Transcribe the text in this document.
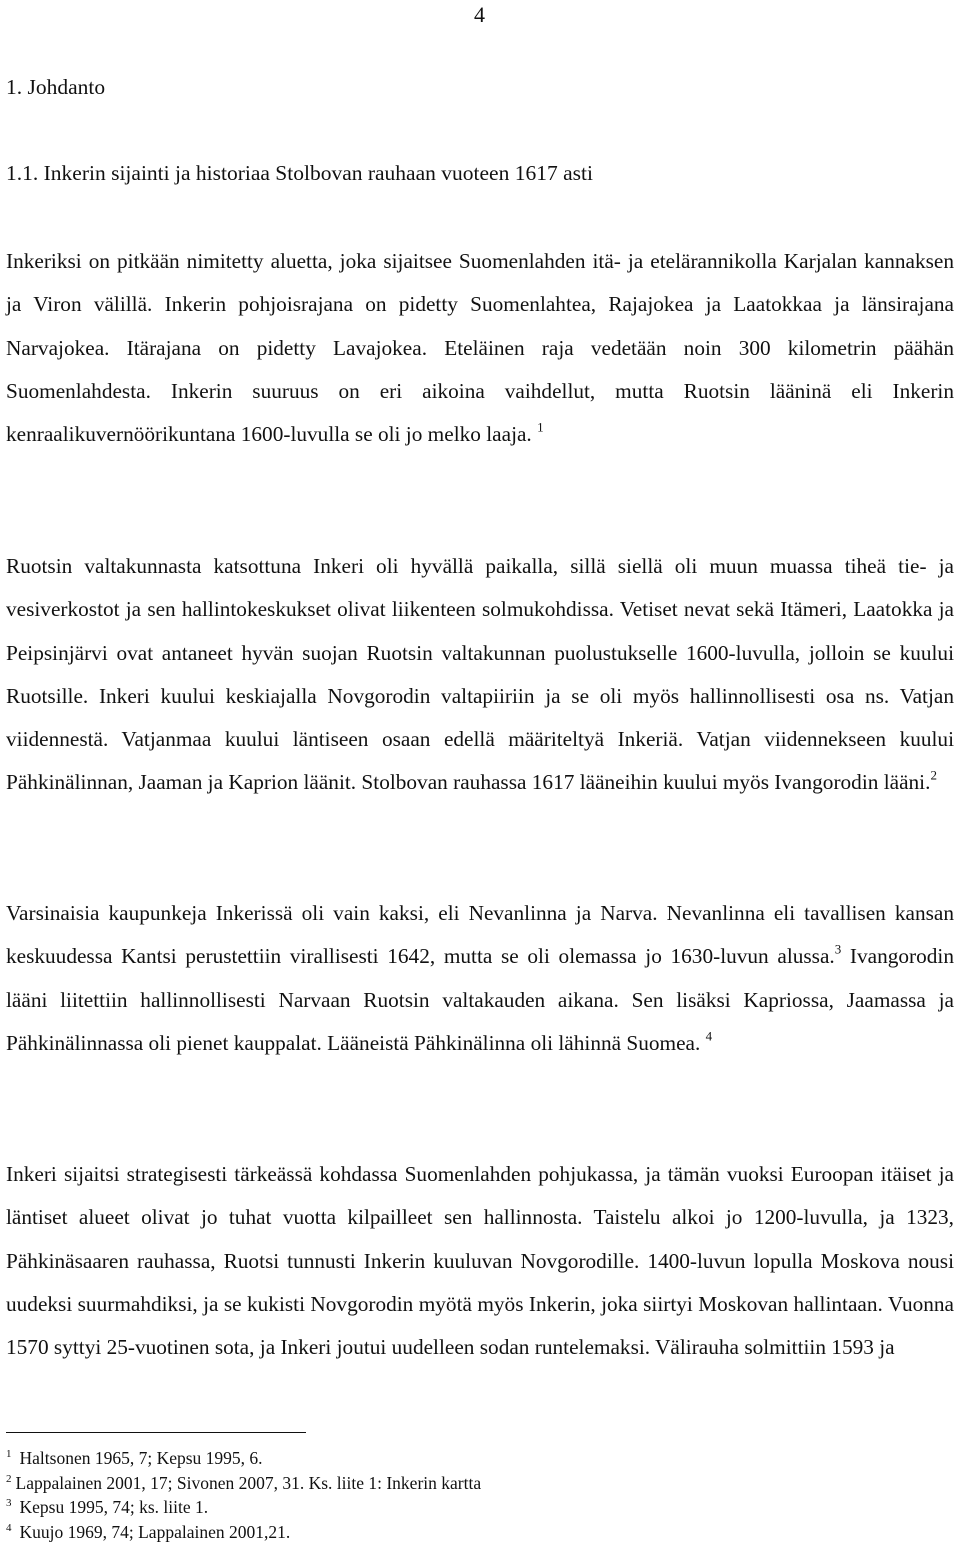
4
1. Johdanto
1.1. Inkerin sijainti ja historiaa Stolbovan rauhaan vuoteen 1617 asti

Inkeriksi on pitkään nimitetty aluetta, joka sijaitsee Suomenlahden itä- ja etelärannikolla Karjalan kannaksen ja Viron välillä. Inkerin pohjoisrajana on pidetty Suomenlahtea, Rajajokea ja Laatokkaa ja länsirajana Narvajokea. Itärajana on pidetty Lavajokea. Eteläinen raja vedetään noin 300 kilometrin päähän Suomenlahdesta. Inkerin suuruus on eri aikoina vaihdellut, mutta Ruotsin lääninä eli Inkerin kenraalikuvernöörikuntana 1600-luvulla se oli jo melko laaja. $^1$

Ruotsin valtakunnasta katsottuna Inkeri oli hyvällä paikalla, sillä siellä oli muun muassa tiheä tie- ja vesiverkostot ja sen hallintokeskukset olivat liikenteen solmukohdissa. Vetiset nevat sekä Itämeri, Laatokka ja Peipsinjärvi ovat antaneet hyvän suojan Ruotsin valtakunnan puolustukselle 1600-luvulla, jolloin se kuului Ruotsille. Inkeri kuului keskiajalla Novgorodin valtapiiriin ja se oli myös hallinnollisesti osa ns. Vatjan viidennestä. Vatjanmaa kuului läntiseen osaan edellä määriteltyä Inkeriä. Vatjan viidennekseen kuului Pähkinälinnan, Jaaman ja Kaprion läänit. Stolbovan rauhassa 1617 lääneihin kuului myös Ivangorodin lääni.$^2$

Varsinaisia kaupunkeja Inkerissä oli vain kaksi, eli Nevanlinna ja Narva. Nevanlinna eli tavallisen kansan keskuudessa Kantsi perustettiin virallisesti 1642, mutta se oli olemassa jo 1630-luvun alussa.$^3$ Ivangorodin lääni liitettiin hallinnollisesti Narvaan Ruotsin valtakauden aikana. Sen lisäksi Kapriossa, Jaamassa ja Pähkinälinnassa oli pienet kauppalat. Lääneistä Pähkinälinna oli lähinnä Suomea. $^4$

Inkeri sijaitsi strategisesti tärkeässä kohdassa Suomenlahden pohjukassa, ja tämän vuoksi Euroopan itäiset ja läntiset alueet olivat jo tuhat vuotta kilpailleet sen hallinnosta. Taistelu alkoi jo 1200-luvulla, ja 1323, Pähkinäsaaren rauhassa, Ruotsi tunnusti Inkerin kuuluvan Novgorodille. 1400-luvun lopulla Moskova nousi uudeksi suurmahdiksi, ja se kukisti Novgorodin myötä myös Inkerin, joka siirtyi Moskovan hallintaan. Vuonna 1570 syttyi 25-vuotinen sota, ja Inkeri joutui uudelleen sodan runtelemaksi. Välirauha solmittiin 1593 ja

$^1$ Haltsonen 1965, 7; Kepsu 1995, 6.

$^2$ Lappalainen 2001, 17; Sivonen 2007, 31. Ks. liite 1: Inkerin kartta

$^3$ Kepsu 1995, 74; ks. liite 1.

$^4$ Kuujo 1969, 74; Lappalainen 2001,21.
